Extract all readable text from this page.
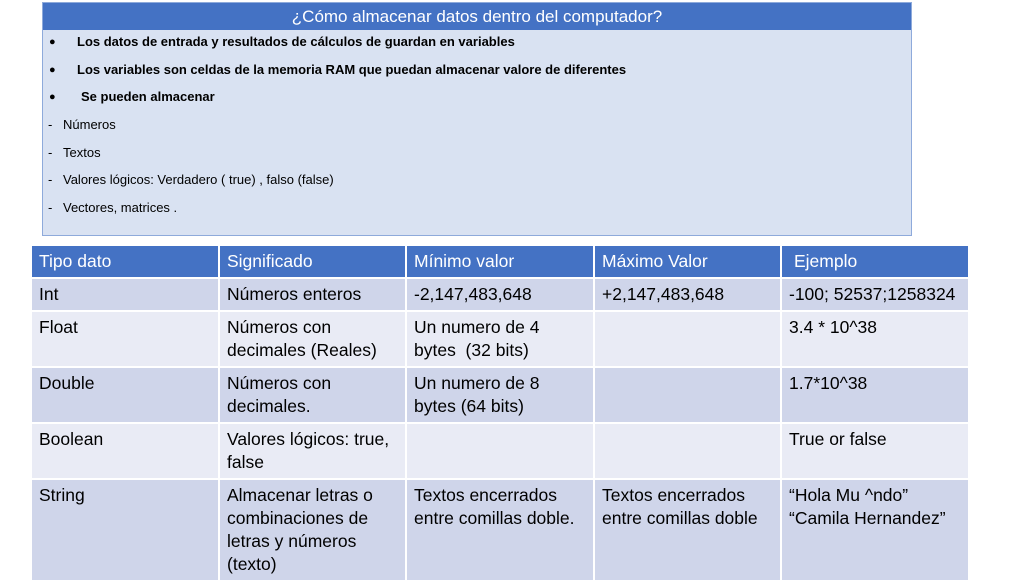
¿Cómo almacenar datos dentro del computador?
● Los datos de entrada y resultados de cálculos de guardan en variables
● Los variables son celdas de la memoria RAM que puedan almacenar valore de diferentes
● Se pueden almacenar
- Números
- Textos
- Valores lógicos: Verdadero ( true) , falso (false)
- Vectores, matrices .
Tipo dato	Significado	Mínimo valor	Máximo Valor	Ejemplo
Int	Números enteros	-2,147,483,648	+2,147,483,648	-100; 52537;1258324
Float	Números con decimales (Reales)	Un numero de 4 bytes  (32 bits)		3.4 * 10^38
Double	Números con decimales.	Un numero de 8 bytes (64 bits)		1.7*10^38
Boolean	Valores lógicos: true, false			True or false
String	Almacenar letras o combinaciones de letras y números (texto)	Textos encerrados entre comillas doble.	Textos encerrados entre comillas doble	“Hola Mu ^ndo”
“Camila Hernandez”
